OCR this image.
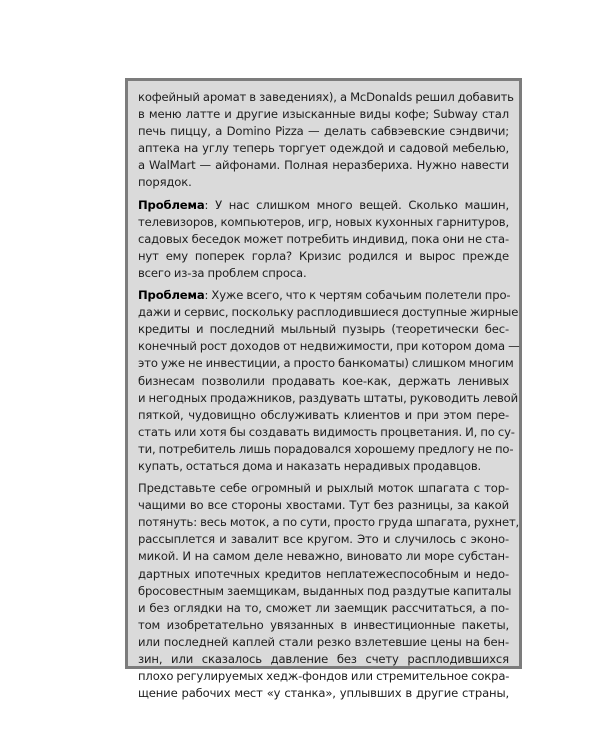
кофейный аромат в заведениях), а McDonalds решил добавить
в меню латте и другие изысканные виды кофе; Subway стал
печь пиццу, а Domino Pizza — делать сабвэевские сэндвичи;
аптека на углу теперь торгует одеждой и садовой мебелью,
а WalMart — айфонами. Полная неразбериха. Нужно навести
порядок.
Проблема: У нас слишком много вещей. Сколько машин,
телевизоров, компьютеров, игр, новых кухонных гарнитуров,
садовых беседок может потребить индивид, пока они не ста-
нут ему поперек горла? Кризис родился и вырос прежде
всего из-за проблем спроса.
Проблема: Хуже всего, что к чертям собачьим полетели про-
дажи и сервис, поскольку расплодившиеся доступные жирные
кредиты и последний мыльный пузырь (теоретически бес-
конечный рост доходов от недвижимости, при котором дома —
это уже не инвестиции, а просто банкоматы) слишком многим
бизнесам позволили продавать кое-как, держать ленивых
и негодных продажников, раздувать штаты, руководить левой
пяткой, чудовищно обслуживать клиентов и при этом пере-
стать или хотя бы создавать видимость процветания. И, по су-
ти, потребитель лишь порадовался хорошему предлогу не по-
купать, остаться дома и наказать нерадивых продавцов.
Представьте себе огромный и рыхлый моток шпагата с тор-
чащими во все стороны хвостами. Тут без разницы, за какой
потянуть: весь моток, а по сути, просто груда шпагата, рухнет,
рассыплется и завалит все кругом. Это и случилось с эконо-
микой. И на самом деле неважно, виновато ли море субстан-
дартных ипотечных кредитов неплатежеспособным и недо-
бросовестным заемщикам, выданных под раздутые капиталы
и без оглядки на то, сможет ли заемщик рассчитаться, а по-
том изобретательно увязанных в инвестиционные пакеты,
или последней каплей стали резко взлетевшие цены на бен-
зин, или сказалось давление без счету расплодившихся
плохо регулируемых хедж-фондов или стремительное сокра-
щение рабочих мест «у станка», уплывших в другие страны,
